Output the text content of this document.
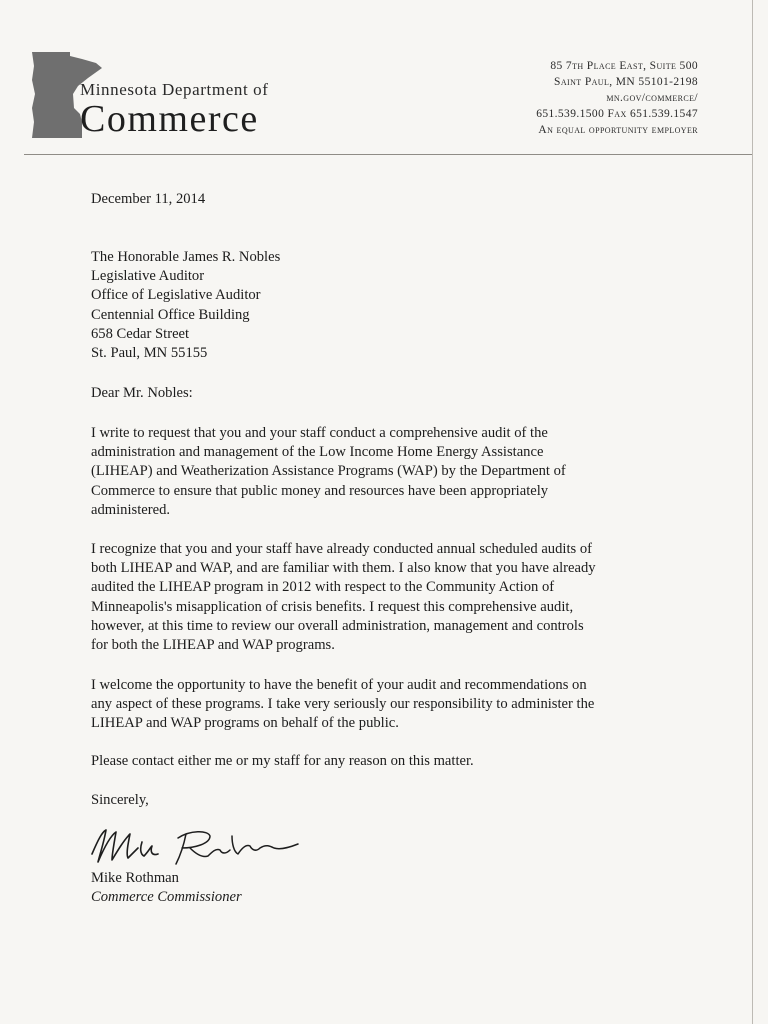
Minnesota Department of
Commerce
85 7th Place East, Suite 500
Saint Paul, MN 55101-2198
mn.gov/commerce/
651.539.1500 Fax 651.539.1547
An equal opportunity employer
December 11, 2014
The Honorable James R. Nobles
Legislative Auditor
Office of Legislative Auditor
Centennial Office Building
658 Cedar Street
St. Paul, MN 55155
Dear Mr. Nobles:
I write to request that you and your staff conduct a comprehensive audit of the
administration and management of the Low Income Home Energy Assistance
(LIHEAP) and Weatherization Assistance Programs (WAP) by the Department of
Commerce to ensure that public money and resources have been appropriately
administered.
I recognize that you and your staff have already conducted annual scheduled audits of
both LIHEAP and WAP, and are familiar with them. I also know that you have already
audited the LIHEAP program in 2012 with respect to the Community Action of
Minneapolis's misapplication of crisis benefits. I request this comprehensive audit,
however, at this time to review our overall administration, management and controls
for both the LIHEAP and WAP programs.
I welcome the opportunity to have the benefit of your audit and recommendations on
any aspect of these programs. I take very seriously our responsibility to administer the
LIHEAP and WAP programs on behalf of the public.
Please contact either me or my staff for any reason on this matter.
Sincerely,
Mike Rothman
Commerce Commissioner
